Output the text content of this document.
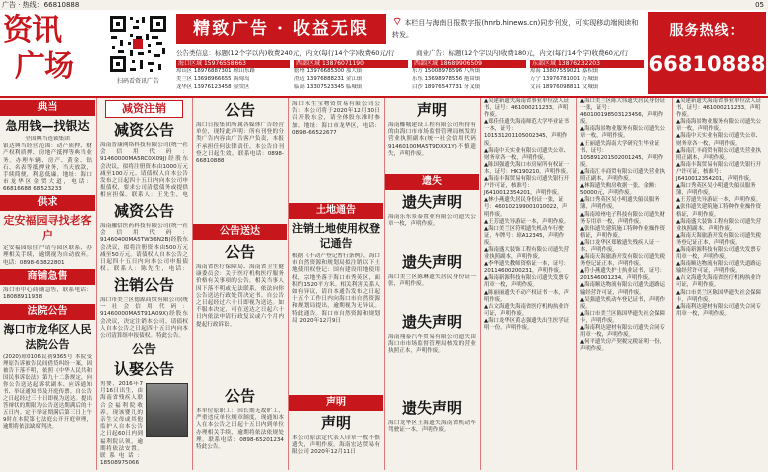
广告 · 热线：66810888	05
资讯
广场	扫码看资讯广告
精致广告 · 收益无限	⌔ 本栏目与海南日报数字报(hnrb.hinews.cn)同步刊发，可实现移动端阅读和转发。	服务热线：
66810888
公告类信息：标题(12个字以内)收费240元，内文(每行14个字)收费60元/行	商业广告：标题(12个字以内)收费180元，内文(每行14个字)收费60元/行
海口区域 15976558663
琼山区 18976887301 琼山东路
美兰区 13698966655 海甸岛
龙华区 13976123458 金贸区
西部区域 13876071190
儋州 13976685300 那大镇
澄迈 13976888231 金江镇
临高 13307523345 临城镇
西部区域 18689906509
东方 15008978596 八所镇
乐东 13698978556 抱由镇
白沙 18976547731 牙叉镇
东部区域 13876232203
琼海 13807559021 嘉积镇
万宁 13976781001 万城镇
文昌 18976098811 文城镇
典当
急用钱—找银达
全国典当连锁集团
银达典当经营范围：动产质押、财产权利质押、房地产抵押等典当业务。办理车辆、房产、黄金、钻石、名表等抵押业务，当天放款，手续简便，利息低廉。地址：海口市龙华区金贸大道，电话：66816688 68523233
供求
定安福园寻找老客户
定安福园原住户请与园区联系，办理相关手续，逾期视为自动放弃。电话：0898-63822801
商铺急售
海口市中心商铺急售，联系电话：18088911938
法院公告
海口市龙华区人民法院公告
(2020)琼0106民初9365号 本院受理原告诉被告民间借贷纠纷一案，因被告下落不明，依照《中华人民共和国民事诉讼法》第九十二条规定，向你公告送达起诉状副本、应诉通知书、举证通知书及开庭传票。自公告之日起经过三十日即视为送达。提出答辩状的期限为公告送达期满后的十五日内。定于举证期满后第三日上午9时在本院第七法庭公开开庭审理，逾期将依法缺席判决。
减资注销
减资公告
海南普康网络科技有限公司(统一社会信用代码：91460000MA5RC0X09J)经股东会决议，拟将注册资本由1000万元减至100万元。请债权人自本公告发布之日起四十五日内向本公司申报债权，要求公司清偿债务或提供相应担保。联系人：王先生，电
减资公告
海南融信医药科技有限公司(统一社会信用代码：91460400MA5TW36N2B)经股东会决议，拟将注册资本由500万元减至50万元。请债权人自本公告之日起四十五日内向本公司申报债权。联系人：陈先生，电话：
注销公告
海口市美兰区德源商贸有限公司(统一社会信用代码：91460000MA5T91A09X)经股东会决议，决定注销本公司。请债权人自本公告之日起四十五日内向本公司清算组申报债权。特此公告。
公告
认娶公告
男婴，2016年7月16日出生，由海南省残疾人联合会福利院收养，现该婴儿的亲生父母或其他监护人自本公告之日起60日内到福利院认领，逾期将依法安置。联系电话：18508975066
公告
海口日报集团所属各媒体广告经营单位，现特此声明：所有刊登的分类广告内容由广告客户负责，本报不承担任何法律责任。本公告自刊登之日起生效。联系电话：0898-66810888
公告送达
公告
海南省医疗保障局、海南省卫生健康委员会：关于医疗机构医疗服务价格有关事项的公告，相关当事人因下落不明或无法联系，依法向你公告送达行政处罚决定书。自公告之日起经过六十日即视为送达。如不服本决定，可在送达之日起六十日内依法申请行政复议或六个月内提起行政诉讼。
公告
本单位原职工：因长期无故旷工，严重违反单位规章制度，现通知本人在本公告之日起十五日内到单位办理相关手续，逾期将依法依规处理。联系电话：0898-65201234 特此公告。
海口永生宝物资贸易有限公司公告：本公司将于2020年12月30日召开股东会，请全体股东准时参加。地址：海口市龙华区，电话：0898-66522677
土地通告
注销土地使用权登记通告
根据《不动产登记暂行条例》，海口市自然资源和规划局拟注销以下土地使用权登记：国有建设用地使用权，宗地坐落于海口市秀英区，面积约1520平方米。相关利害关系人如有异议，请自本通告发布之日起十五个工作日内向海口市自然资源和规划局提出，逾期视为无异议。特此通告。海口市自然资源和规划局 2020年12月9日
声明
声明
本公司原法定代表人印章一枚不慎遗失，声明作废。海南宏达贸易有限公司 2020年12月11日
声明
海南椰城建设工程有限公司所持有的由海口市市场监督管理局核发的营业执照副本(统一社会信用代码91460100MA5T9DXX1Y)不慎遗失，声明作废。
遗失
遗失声明
海南乐东景泰置业有限公司遗失公章一枚，声明作废。
遗失声明
海口美兰区陈琳遗失居民身份证一张，声明作废。
遗失声明
海南翔泰汽车贸易有限公司遗失由海口市市场监督管理局核发的营业执照正本，声明作废。
遗失声明
海口龙华区王海遗失海南省机动车驾驶证一本，声明作废。
▲吴建新遗失海南省事业单位法人证书，证号：461000211233，声明作废。
▲郑佳佳遗失海南师范大学毕业证书一本，证号：101531201105002345，声明作废。
▲海南中天实业有限公司遗失公章、财务章各一枚，声明作废。
▲陈国强遗失海口市房屋所有权证一本，证号：HK190210，声明作废。
▲海南丰海贸易有限公司遗失银行开户许可证，核准号：J6410012354201，声明作废。
▲林小燕遗失居民身份证一张，证号：460102199001010022，声明作废。
▲王芳遗失导游证一本，声明作废。
▲海口美兰区符明遗失机动车行驶证，车牌号：琼A12345，声明作废。
▲海南盛大装饰工程有限公司遗失营业执照副本，声明作废。
▲李华遗失教师资格证一本，证号：20114600200231，声明作废。
▲海南新源科技有限公司遗失发票专用章一枚，声明作废。
▲陈丽丽遗失不动产权证书一本，声明作废。
▲吉文海遗失海南省医疗机构执业许可证，声明作废。
▲海口龙华区黄志强遗失出生医学证明一份，声明作废。
▲海口美兰区陈大伟遗失居民身份证一张，证号：460100198503123456，声明作废。
▲海南海景物业服务有限公司遗失公章一枚，声明作废。
▲王丽遗失海南大学研究生毕业证书，证号：105891201502001245，声明作废。
▲海南汇丰商贸有限公司遗失营业执照正副本，声明作废。
▲林海遗失购房收据一张，金额：50000元，声明作废。
▲海口秀英区吴小明遗失船员服务簿，声明作废。
▲海南琼州电子科技有限公司遗失财务专用章一枚，声明作废。
▲张伟遗失建筑施工特种作业操作资格证，声明作废。
▲海口龙华区郑敏遗失残疾人证一本，声明作废。
▲海南天海旅游开发有限公司遗失税务登记证正本，声明作废。
▲符小燕遗失护士执业证书，证号：201546001234，声明作废。
▲海南顺达物流有限公司遗失道路运输经营许可证，声明作废。
▲吴强遗失机动车登记证书，声明作废。
▲海口市美兰区陈国华遗失社会保障卡，声明作废。
▲海南利达建材有限公司遗失合同专用章一枚，声明作废。
▲何平遗失房产契税完税证明一份，声明作废。
▲吴建新遗失海南省事业单位法人证书，证号：461000211233，声明作废。
▲海南海景物业服务有限公司遗失公章一枚，声明作废。
▲海南中天实业有限公司遗失公章、财务章各一枚，声明作废。
▲海南汇丰商贸有限公司遗失营业执照正副本，声明作废。
▲海南丰海贸易有限公司遗失银行开户许可证，核准号：J6410012354201，声明作废。
▲海口秀英区吴小明遗失船员服务簿，声明作废。
▲王芳遗失导游证一本，声明作废。
▲张伟遗失建筑施工特种作业操作资格证，声明作废。
▲海南盛大装饰工程有限公司遗失营业执照副本，声明作废。
▲海南天海旅游开发有限公司遗失税务登记证正本，声明作废。
▲海南新源科技有限公司遗失发票专用章一枚，声明作废。
▲海南顺达物流有限公司遗失道路运输经营许可证，声明作废。
▲吉文海遗失海南省医疗机构执业许可证，声明作废。
▲海口市美兰区陈国华遗失社会保障卡，声明作废。
▲海南利达建材有限公司遗失合同专用章一枚，声明作废。
